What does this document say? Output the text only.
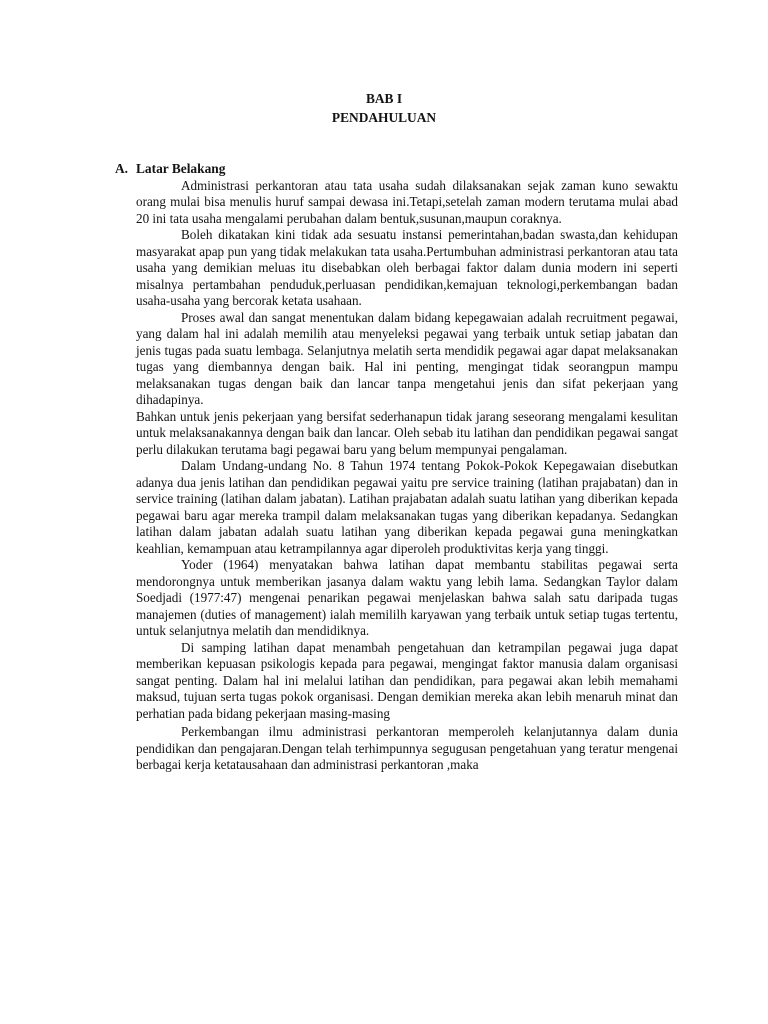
BAB I
PENDAHULUAN
A. Latar Belakang

Administrasi perkantoran atau tata usaha sudah dilaksanakan sejak zaman kuno sewaktu orang mulai bisa menulis huruf sampai dewasa ini.Tetapi,setelah zaman modern terutama mulai abad 20 ini tata usaha mengalami perubahan dalam bentuk,susunan,maupun coraknya.

Boleh dikatakan kini tidak ada sesuatu instansi pemerintahan,badan swasta,dan kehidupan masyarakat apap pun yang tidak melakukan tata usaha.Pertumbuhan administrasi perkantoran atau tata usaha yang demikian meluas itu disebabkan oleh berbagai faktor dalam dunia modern ini seperti misalnya pertambahan penduduk,perluasan pendidikan,kemajuan teknologi,perkembangan badan usaha-usaha yang bercorak ketata usahaan.

Proses awal dan sangat menentukan dalam bidang kepegawaian adalah recruitment pegawai, yang dalam hal ini adalah memilih atau menyeleksi pegawai yang terbaik untuk setiap jabatan dan jenis tugas pada suatu lembaga. Selanjutnya melatih serta mendidik pegawai agar dapat melaksanakan tugas yang diembannya dengan baik. Hal ini penting, mengingat tidak seorangpun mampu melaksanakan tugas dengan baik dan lancar tanpa mengetahui jenis dan sifat pekerjaan yang dihadapinya.

Bahkan untuk jenis pekerjaan yang bersifat sederhanapun tidak jarang seseorang mengalami kesulitan untuk melaksanakannya dengan baik dan lancar. Oleh sebab itu latihan dan pendidikan pegawai sangat perlu dilakukan terutama bagi pegawai baru yang belum mempunyai pengalaman.

Dalam Undang-undang No. 8 Tahun 1974 tentang Pokok-Pokok Kepegawaian disebutkan adanya dua jenis latihan dan pendidikan pegawai yaitu pre service training (latihan prajabatan) dan in service training (latihan dalam jabatan). Latihan prajabatan adalah suatu latihan yang diberikan kepada pegawai baru agar mereka trampil dalam melaksanakan tugas yang diberikan kepadanya. Sedangkan latihan dalam jabatan adalah suatu latihan yang diberikan kepada pegawai guna meningkatkan keahlian, kemampuan atau ketrampilannya agar diperoleh produktivitas kerja yang tinggi.

Yoder (1964) menyatakan bahwa latihan dapat membantu stabilitas pegawai serta mendorongnya untuk memberikan jasanya dalam waktu yang lebih lama. Sedangkan Taylor dalam Soedjadi (1977:47) mengenai penarikan pegawai menjelaskan bahwa salah satu daripada tugas manajemen (duties of management) ialah memililh karyawan yang terbaik untuk setiap tugas tertentu, untuk selanjutnya melatih dan mendidiknya.

Di samping latihan dapat menambah pengetahuan dan ketrampilan pegawai juga dapat memberikan kepuasan psikologis kepada para pegawai, mengingat faktor manusia dalam organisasi sangat penting. Dalam hal ini melalui latihan dan pendidikan, para pegawai akan lebih memahami maksud, tujuan serta tugas pokok organisasi. Dengan demikian mereka akan lebih menaruh minat dan perhatian pada bidang pekerjaan masing-masing

Perkembangan ilmu administrasi perkantoran memperoleh kelanjutannya dalam dunia pendidikan dan pengajaran.Dengan telah terhimpunnya segugusan pengetahuan yang teratur mengenai berbagai kerja ketatausahaan dan administrasi perkantoran ,maka
